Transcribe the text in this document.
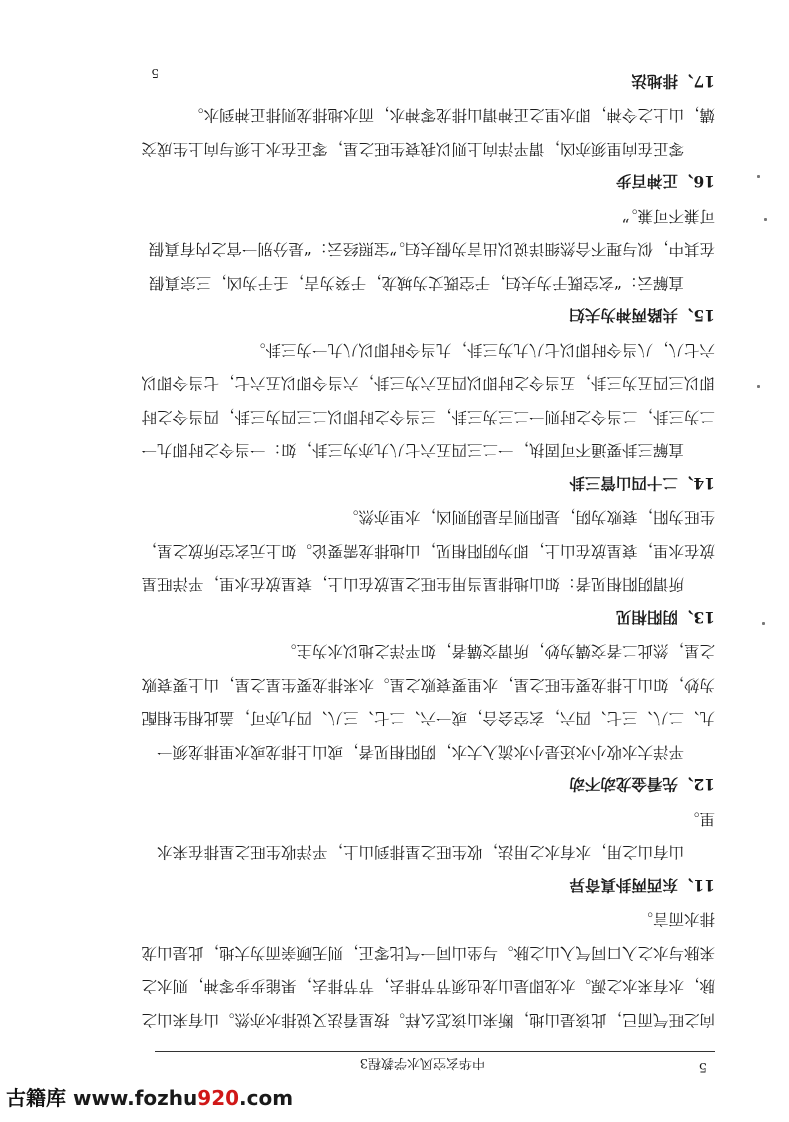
5
中华玄空风水学教程3

向之旺气而已，此该是山地，断来山该怎么样。按星看法又说排水亦然。山有来山之脉，水有来水之源。水龙即是山龙也须节节排去，节节排去，果能步步零神，则水之来脉与水之入口同气入山之脉。与坐山同一气比零正，则无顾亲而为大地，此是山龙排水而言。

11、东西两卦真奇异

山有山之用，水有水之用法，收生旺之星排到山上，平洋收生旺之星排在来水里。

12、先看金龙动不动

平洋大水收小水还是小水流入大水，阴阳相见者，或山上排龙或水里排龙须一九、二八、三七、四六，玄空会合，或一六、二七、三八、四九亦可，盖此相生相配为妙，如山上排龙要生旺之星，水里要衰败之星。水来排龙要生星之星，山上要衰败之星，然此二者交媾为妙，所谓交媾者，如平洋之地以水为主。

13、阴阳相见

所谓阴阳相见者：如山地排星当用生旺之星放在山上，衰星放在水里，平洋旺星放在水里，衰星放在山上，即为阴阳相见，山地排龙需要论。如上元玄空所放之星，生旺为阳，衰败为阴，是阳则吉是阴则凶，水里亦然。

14、二十四山管三卦

直解三卦要通不可固执，一二三四五六七八九亦为三卦，如：一当令之时即九一二为三卦，二当令之时则一二三为三卦，三当令之时即以二三四为三卦，四当令之时即以三四五为三卦，五当令之时即以四五六为三卦，六当令即以五六七，七当令即以六七八，八当令时即以七八九为三卦，九当令时即以八九一为三卦。

15、共路两神为夫妇

直解云：“玄空既于为夫妇，于空既丈为城龙，于癸为吉，壬于为凶，三宗真假在其中，似与理不合然细详说以出言为假夫妇。”宝照经云：“是分别一官之内有真假可兼不可兼。”

16、正神百步

零正在向里须亦凶，谓平洋向上则以我衰生旺之星，零正在水上须与向上生成交媾，山上之令神，即水里之正神谓山排龙零神水，而水地排龙则排正神到水。

17、排地法
5
古籍库 www.fozhu920.com
